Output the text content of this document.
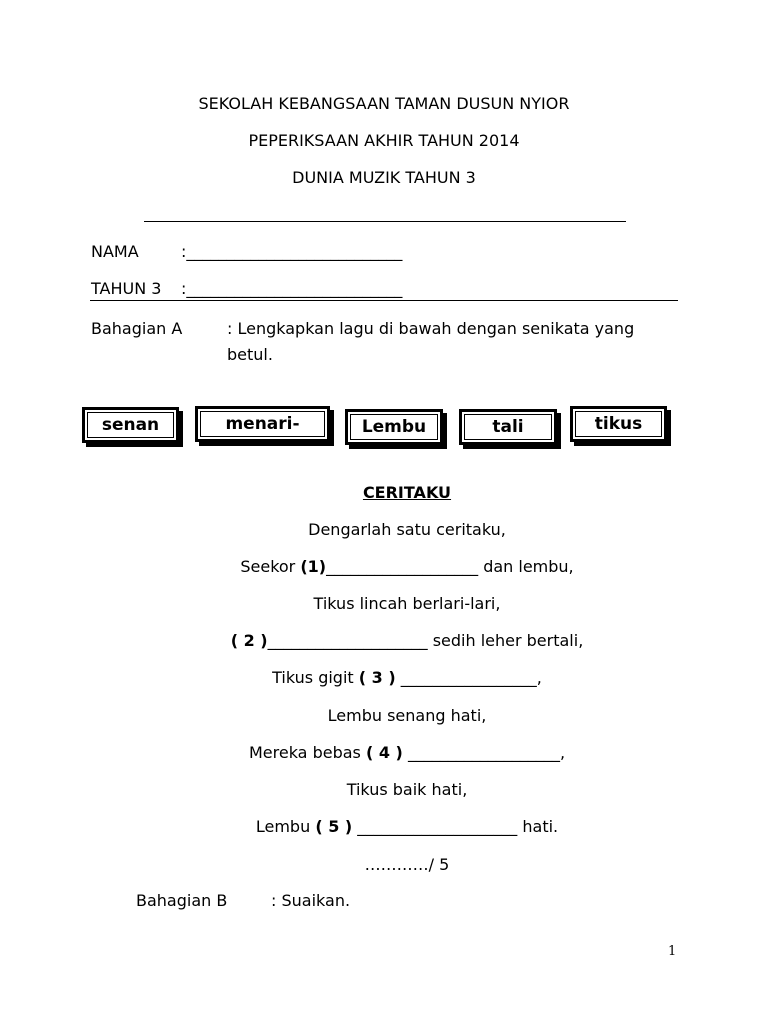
SEKOLAH KEBANGSAAN TAMAN DUSUN NYIOR
PEPERIKSAAN AKHIR TAHUN 2014
DUNIA MUZIK TAHUN 3
NAMA	:___________________________
TAHUN 3 :___________________________
Bahagian A	: Lengkapkan lagu di bawah dengan senikata yang
betul.
senan	menari-	Lembu	tali	tikus
CERITAKU
Dengarlah satu ceritaku,
Seekor (1)___________________ dan lembu,
Tikus lincah berlari-lari,
( 2 )____________________ sedih leher bertali,
Tikus gigit ( 3 ) _________________,
Lembu senang hati,
Mereka bebas ( 4 ) ___________________,
Tikus baik hati,
Lembu ( 5 ) ____________________ hati.
…………/ 5
Bahagian B	: Suaikan.
1
